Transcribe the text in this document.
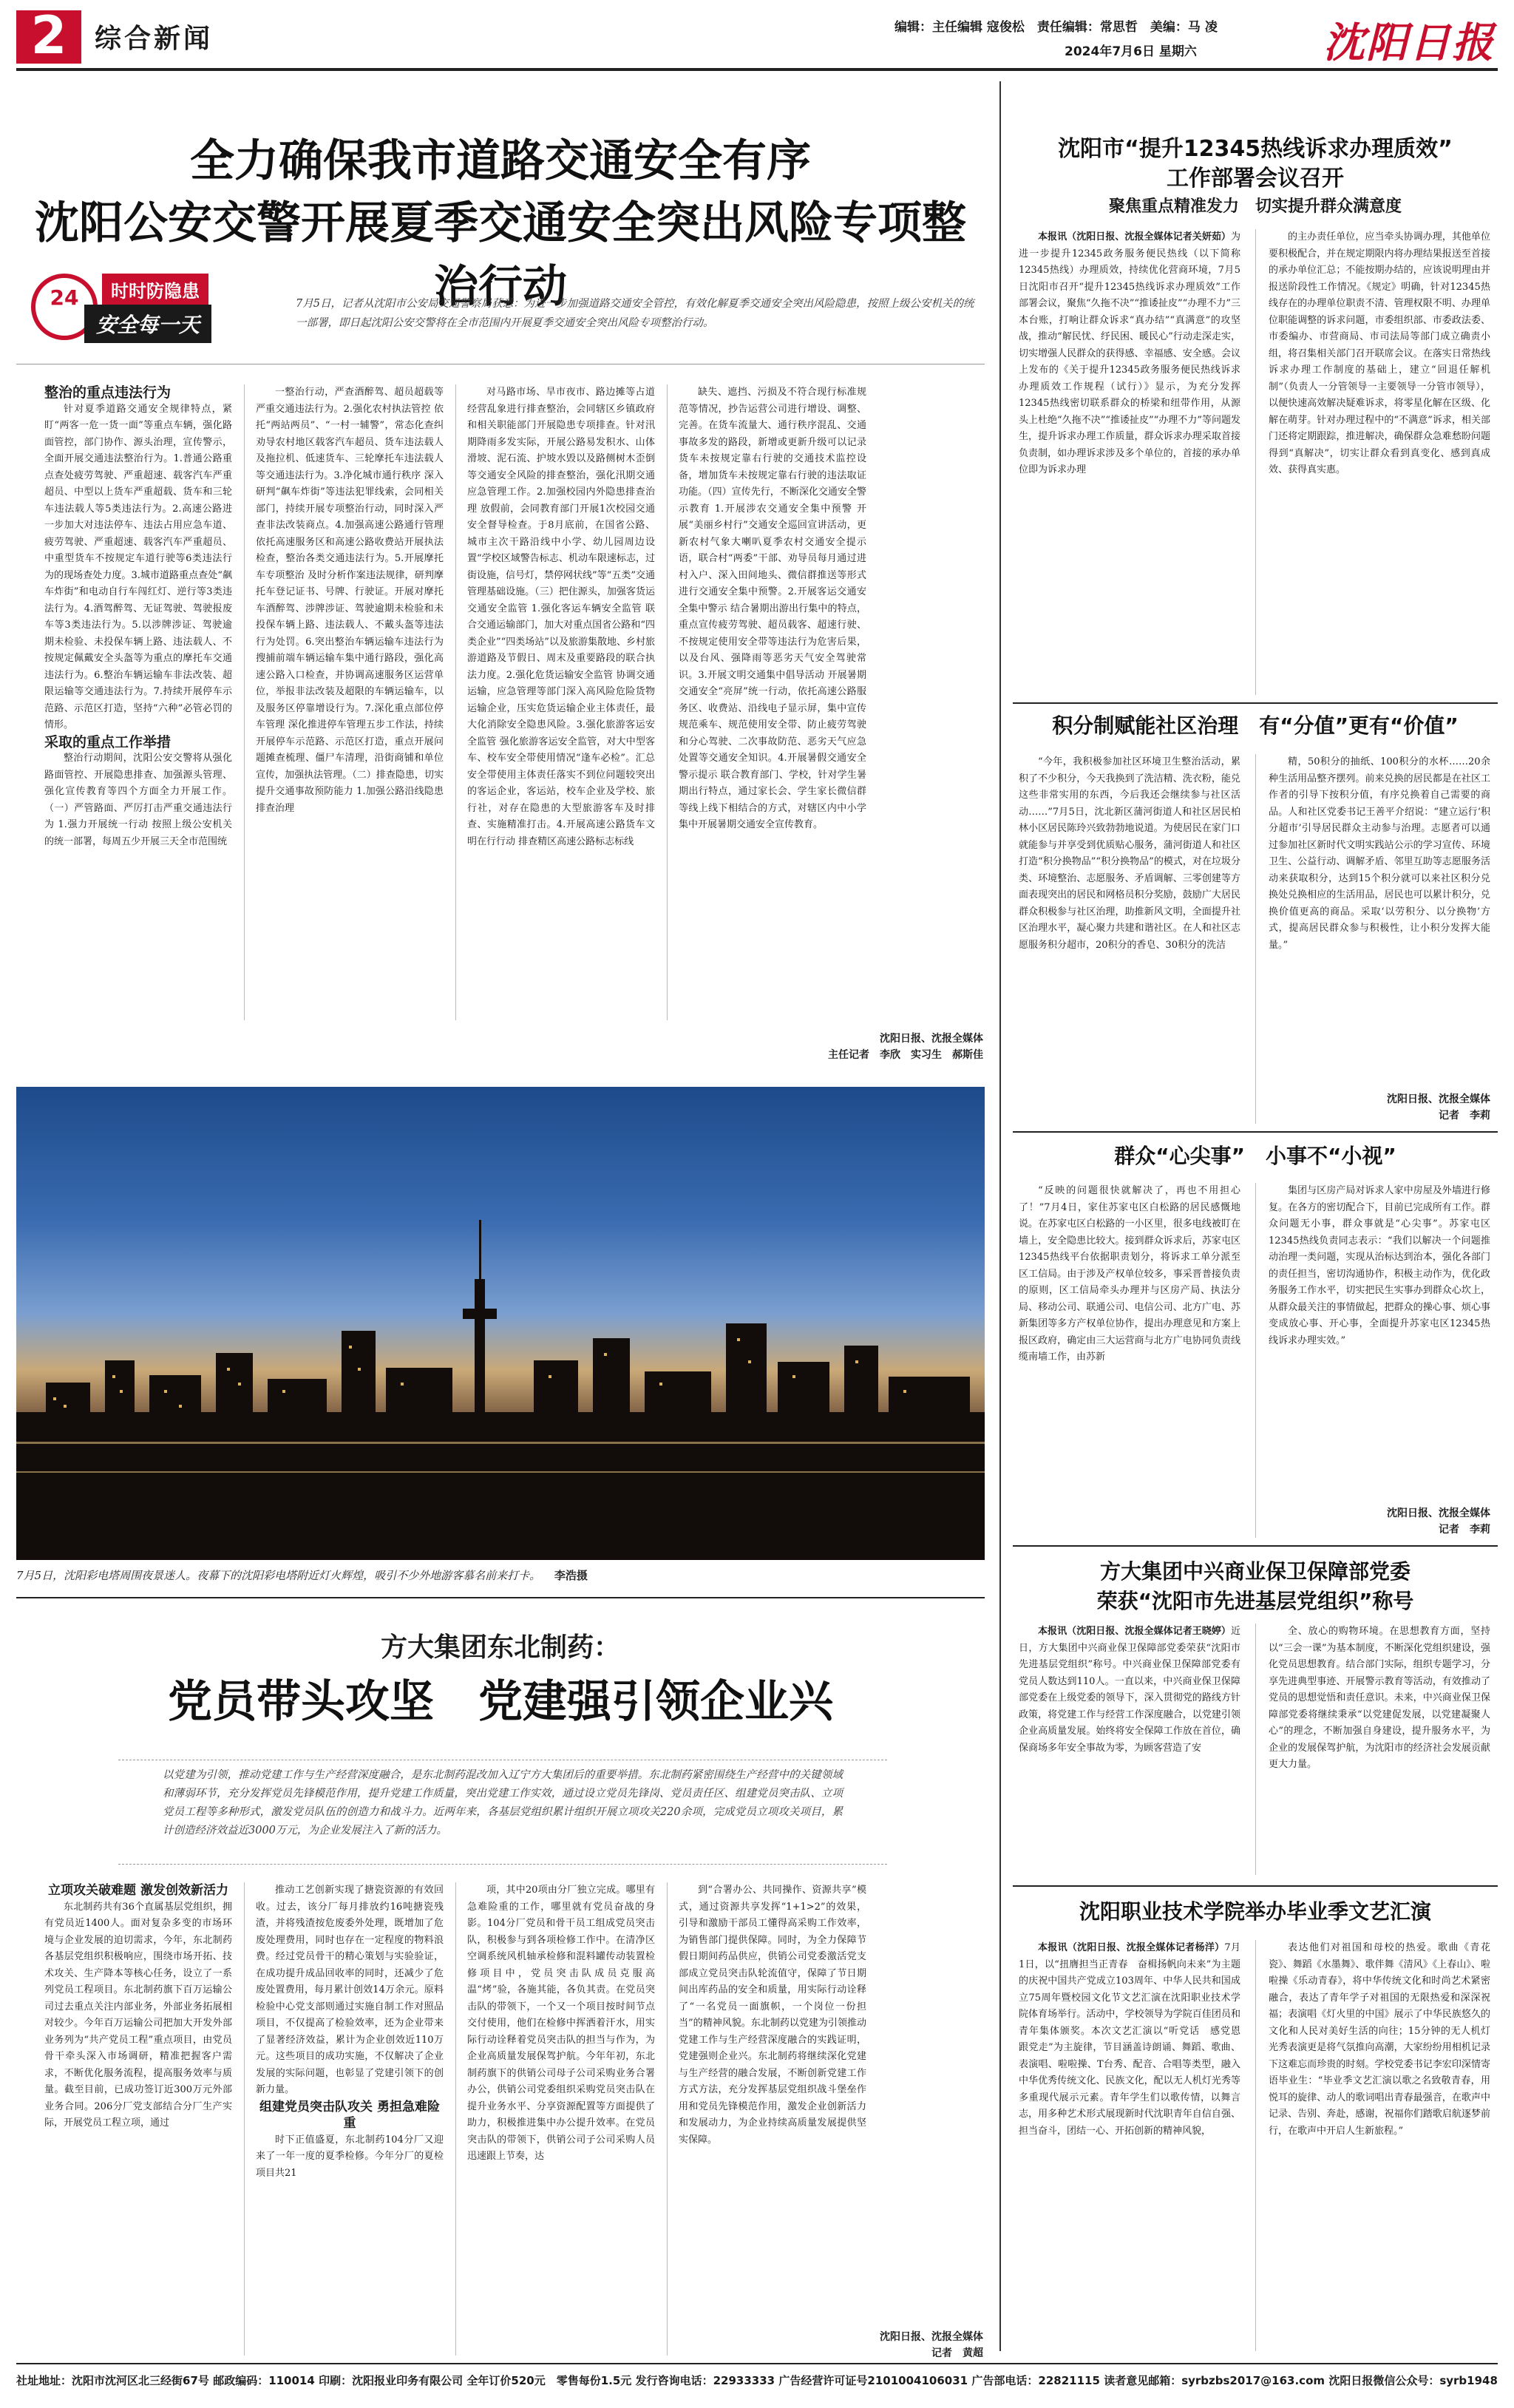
2	综合新闻	编辑：主任编辑 寇俊松　责任编辑：常思哲　美编：马 凌
2024年7月6日 星期六	沈阳日报
全力确保我市道路交通安全有序
沈阳公安交警开展夏季交通安全突出风险专项整治行动
24	时时防隐患
安全每一天
7月5日，记者从沈阳市公安局交通警察局获悉：为进一步加强道路交通安全管控，有效化解夏季交通安全突出风险隐患，按照上级公安机关的统一部署，即日起沈阳公安交警将在全市范围内开展夏季交通安全突出风险专项整治行动。

整治的重点违法行为

针对夏季道路交通安全规律特点，紧盯“两客一危一货一面”等重点车辆，强化路面管控，部门协作、源头治理，宣传警示，全面开展交通违法整治行为。1.普通公路重点查处疲劳驾驶、严重超速、载客汽车严重超员、中型以上货车严重超载、货车和三轮车违法载人等5类违法行为。2.高速公路进一步加大对违法停车、违法占用应急车道、疲劳驾驶、严重超速、载客汽车严重超员、中重型货车不按规定车道行驶等6类违法行为的现场查处力度。3.城市道路重点查处“飙车炸街”和电动自行车闯红灯、逆行等3类违法行为。4.酒驾醉驾、无证驾驶、驾驶报废车等3类违法行为。5.以涉牌涉证、驾驶逾期未检验、未投保车辆上路、违法载人、不按规定佩戴安全头盔等为重点的摩托车交通违法行为。6.整治车辆运输车非法改装、超限运输等交通违法行为。7.持续开展停车示范路、示范区打造，坚持“六种”必管必罚的情形。

采取的重点工作举措

整治行动期间，沈阳公安交警将从强化路面管控、开展隐患排查、加强源头管理、强化宣传教育等四个方面全力开展工作。（一）严管路面、严厉打击严重交通违法行为 1.强力开展统一行动 按照上级公安机关的统一部署，每周五少开展三天全市范围统

一整治行动，严查酒醉驾、超员超载等严重交通违法行为。2.强化农村执法管控 依托“两站两员”、“一村一辅警”，常态化查纠劝导农村地区载客汽车超员、货车违法载人及拖拉机、低速货车、三轮摩托车违法载人等交通违法行为。3.净化城市通行秩序 深入研判“飙车炸街”等违法犯罪线索，会同相关部门，持续开展专项整治行动，同时深入严查非法改装商点。4.加强高速公路通行管理 依托高速服务区和高速公路收费站开展执法检查，整治各类交通违法行为。5.开展摩托车专项整治 及时分析作案违法规律，研判摩托车登记证书、号牌、行驶证。开展对摩托车酒醉驾、涉牌涉证、驾驶逾期未检验和未投保车辆上路、违法载人、不戴头盔等违法行为处罚。6.突出整治车辆运输车违法行为 搜捕前端车辆运输车集中通行路段，强化高速公路入口检查，并协调高速服务区运营单位，举报非法改装及超限的车辆运输车，以及服务区停靠增设行为。7.深化重点部位停车管理 深化推进停车管理五步工作法，持续开展停车示范路、示范区打造，重点开展问题摊查梳理、僵尸车清理，沿街商铺和单位宣传，加强执法管理。（二）排查隐患，切实提升交通事故预防能力 1.加强公路沿线隐患排查治理

对马路市场、旱市夜市、路边摊等占道经营乱象进行排查整治，会同辖区乡镇政府和相关职能部门开展隐患专项排查。针对汛期降雨多发实际，开展公路易发积水、山体滑坡、泥石流、护坡水毁以及路侧树木歪倒等交通安全风险的排查整治，强化汛期交通应急管理工作。2.加强校园内外隐患排查治理 放假前，会同教育部门开展1次校园交通安全督导检查。于8月底前，在国省公路、城市主次干路沿线中小学、幼儿园周边设置“学校区域警告标志、机动车限速标志，过街设施，信号灯，禁停网状线”等“五类”交通管理基础设施。（三）把住源头，加强客货运交通安全监管 1.强化客运车辆安全监管 联合交通运输部门，加大对重点国省公路和“四类企业”“四类场站”以及旅游集散地、乡村旅游道路及节假日、周末及重要路段的联合执法力度。2.强化危货运输安全监管 协调交通运输，应急管理等部门深入高风险危险货物运输企业，压实危货运输企业主体责任，最大化消除安全隐患风险。3.强化旅游客运安全监管 强化旅游客运安全监管，对大中型客车、校车安全带使用情况“逢车必检”。汇总安全带使用主体责任落实不到位问题较突出的客运企业，客运站，校车企业及学校、旅行社，对存在隐患的大型旅游客车及时排查、实施精准打击。4.开展高速公路货车文明在行行动 排查精区高速公路标志标线

缺失、遮挡、污损及不符合现行标准规范等情况，抄告运营公司进行增设、调整、完善。在货车流量大、通行秩序混乱、交通事故多发的路段，新增或更新升级可以记录货车未按规定靠右行驶的交通技术监控设备，增加货车未按规定靠右行驶的违法取证功能。（四）宣传先行，不断深化交通安全警示教育 1.开展涉农交通安全集中预警 开展“美丽乡村行”交通安全巡回宣讲活动，更新农村气象大喇叭夏季农村交通安全提示语，联合村“两委”干部、劝导员每月通过进村入户、深入田间地头、微信群推送等形式进行交通安全集中预警。2.开展客运交通安全集中警示 结合暑期出游出行集中的特点，重点宣传疲劳驾驶、超员载客、超速行驶、不按规定使用安全带等违法行为危害后果，以及台风、强降雨等恶劣天气安全驾驶常识。3.开展文明交通集中倡导活动 开展暑期交通安全“亮屏”统一行动，依托高速公路服务区、收费站、沿线电子显示屏，集中宣传规范乘车、规范使用安全带、防止疲劳驾驶和分心驾驶、二次事故防范、恶劣天气应急处置等交通安全知识。4.开展暑假交通安全警示提示 联合教育部门、学校，针对学生暑期出行特点，通过家长会、学生家长微信群等线上线下相结合的方式，对辖区内中小学集中开展暑期交通安全宣传教育。

沈阳日报、沈报全媒体
主任记者　李欣　实习生　郝斯佳
7月5日，沈阳彩电塔周围夜景迷人。夜幕下的沈阳彩电塔附近灯火辉煌，吸引不少外地游客慕名前来打卡。 李浩摄
方大集团东北制药：
党员带头攻坚　党建强引领企业兴
以党建为引领，推动党建工作与生产经营深度融合，是东北制药混改加入辽宁方大集团后的重要举措。东北制药紧密围绕生产经营中的关键领域和薄弱环节，充分发挥党员先锋模范作用，提升党建工作质量，突出党建工作实效，通过设立党员先锋岗、党员责任区、组建党员突击队、立项党员工程等多种形式，激发党员队伍的创造力和战斗力。近两年来，各基层党组织累计组织开展立项攻关220余项，完成党员立项攻关项目，累计创造经济效益近3000万元，为企业发展注入了新的活力。

立项攻关破难题 激发创效新活力

东北制药共有36个直属基层党组织，拥有党员近1400人。面对复杂多变的市场环境与企业发展的迫切需求，今年，东北制药各基层党组织积极响应，围绕市场开拓、技术攻关、生产降本等核心任务，设立了一系列党员工程项目。东北制药旗下百万运输公司过去重点关注内部业务，外部业务拓展相对较少。今年百万运输公司把加大开发外部业务列为“共产党员工程”重点项目，由党员骨干牵头深入市场调研，精准把握客户需求，不断优化服务流程，提高服务效率与质量。截至目前，已成功签订近300万元外部业务合同。206分厂党支部结合分厂生产实际，开展党员工程立项，通过

推动工艺创新实现了搪瓷资源的有效回收。过去，该分厂每月排放约16吨搪瓷残渣，并将残渣按危废委外处理，既增加了危废处理费用，同时也存在一定程度的物料浪费。经过党员骨干的精心策划与实验验证，在成功提升成品回收率的同时，还减少了危废处置费用，每月累计创效14万余元。原料检验中心党支部则通过实施自制工作对照品项目，不仅提高了检验效率，还为企业带来了显著经济效益，累计为企业创效近110万元。这些项目的成功实施，不仅解决了企业发展的实际问题，也彰显了党建引领下的创新力量。

组建党员突击队攻关 勇担急难险重

时下正值盛夏，东北制药104分厂又迎来了一年一度的夏季检修。今年分厂的夏检项目共21

项，其中20项由分厂独立完成。哪里有急难险重的工作，哪里就有党员奋战的身影。104分厂党员和骨干员工组成党员突击队，积极参与到各项检修工作中。在清净区空调系统风机轴承检修和混料罐传动装置检修项目中，党员突击队成员克服高温“烤”验，各施其能，各负其责。在党员突击队的带领下，一个又一个项目按时间节点交付使用，他们在检修中挥洒着汗水，用实际行动诠释着党员突击队的担当与作为，为企业高质量发展保驾护航。今年年初，东北制药旗下的供销公司母子公司采购业务合署办公，供销公司党委组织采购党员突击队在提升业务水平、分享资源配置等方面提供了助力，积极推进集中办公提升效率。在党员突击队的带领下，供销公司子公司采购人员迅速跟上节奏，达

到“合署办公、共同操作、资源共享”模式，通过资源共享发挥“1+1>2”的效果，引导和激励干部员工懂得高采购工作效率，为销售部门提供保障。同时，为全力保障节假日期间药品供应，供销公司党委激活党支部成立党员突击队轮流值守，保障了节日期间出库药品的安全和质量，用实际行动诠释了“一名党员一面旗帜，一个岗位一份担当”的精神风貌。东北制药以党建为引领推动党建工作与生产经营深度融合的实践证明，党建强则企业兴。东北制药将继续深化党建与生产经营的融合发展，不断创新党建工作方式方法，充分发挥基层党组织战斗堡垒作用和党员先锋模范作用，激发企业创新活力和发展动力，为企业持续高质量发展提供坚实保障。

沈阳日报、沈报全媒体
记者　黄超
沈阳市“提升12345热线诉求办理质效”
工作部署会议召开
聚焦重点精准发力　切实提升群众满意度

本报讯（沈阳日报、沈报全媒体记者关妍茹）为进一步提升12345政务服务便民热线（以下简称12345热线）办理质效，持续优化营商环境，7月5日沈阳市召开“提升12345热线诉求办理质效”工作部署会议，聚焦“久拖不决”“推诿扯皮”“办理不力”三本台账，打响让群众诉求“真办结”“真满意”的攻坚战，推动“解民忧、纾民困、暖民心”行动走深走实，切实增强人民群众的获得感、幸福感、安全感。会议上发布的《关于提升12345政务服务便民热线诉求办理质效工作规程（试行）》显示，为充分发挥12345热线密切联系群众的桥梁和纽带作用，从源头上杜绝“久拖不决”“推诿扯皮”“办理不力”等问题发生，提升诉求办理工作质量，群众诉求办理采取首接负责制，如办理诉求涉及多个单位的，首接的承办单位即为诉求办理

的主办责任单位，应当牵头协调办理，其他单位要积极配合，并在规定期限内将办理结果报送至首接的承办单位汇总；不能按期办结的，应该说明理由并报送阶段性工作情况。《规定》明确，针对12345热线存在的办理单位职责不清、管理权限不明、办理单位职能调整的诉求问题，市委组织部、市委政法委、市委编办、市营商局、市司法局等部门成立确责小组，将召集相关部门召开联席会议。在落实日常热线诉求办理工作制度的基础上，建立“回退任解机制”（负责人一分管领导一主要领导一分管市领导），以便快速高效解决疑难诉求，将零星化解在区级、化解在萌芽。针对办理过程中的“不满意”诉求，相关部门还将定期跟踪，推进解决，确保群众急难愁盼问题得到“真解决”，切实让群众看到真变化、感到真成效、获得真实惠。

积分制赋能社区治理　有“分值”更有“价值”

“今年，我积极参加社区环境卫生整治活动，累积了不少积分，今天我换到了洗洁精、洗衣粉，能兑这些非常实用的东西，今后我还会继续参与社区活动……”7月5日，沈北新区蒲河街道人和社区居民柏林小区居民陈玲兴致勃勃地说道。为使居民在家门口就能参与并享受到优质贴心服务，蒲河街道人和社区打造“积分换物品”“积分换物品”的模式，对在垃圾分类、环境整治、志愿服务、矛盾调解、三零创建等方面表现突出的居民和网格员积分奖励，鼓励广大居民群众积极参与社区治理，助推新风文明，全面提升社区治理水平，凝心聚力共建和谐社区。在人和社区志愿服务积分超市，20积分的香皂、30积分的洗洁

精，50积分的抽纸、100积分的水杯……20余种生活用品整齐摆列。前来兑换的居民都是在社区工作者的引导下按积分值，有序兑换着自己需要的商品。人和社区党委书记王善平介绍说：“建立运行‘积分超市’引导居民群众主动参与治理。志愿者可以通过参加社区新时代文明实践站公示的学习宣传、环境卫生、公益行动、调解矛盾、邻里互助等志愿服务活动来获取积分，达到15个积分就可以来社区积分兑换处兑换相应的生活用品，居民也可以累计积分，兑换价值更高的商品。采取‘以劳积分、以分换物’方式，提高居民群众参与积极性，让小积分发挥大能量。”

沈阳日报、沈报全媒体
记者　李莉
群众“心尖事”　小事不“小视”

“反映的问题很快就解决了，再也不用担心了！”7月4日，家住苏家屯区白松路的居民感慨地说。在苏家屯区白松路的一小区里，很多电线被盯在墙上，安全隐患比较大。接到群众诉求后，苏家屯区12345热线平台依据职责划分，将诉求工单分派至区工信局。由于涉及产权单位较多，事采晋普接负责的原则，区工信局牵头办理并与区房产局、执法分局、移动公司、联通公司、电信公司、北方广电、苏新集团等多方产权单位协作，提出办理意见和方案上报区政府，确定由三大运营商与北方广电协同负责线缆南墙工作，由苏新

集团与区房产局对诉求人家中房屋及外墙进行修复。在各方的密切配合下，目前已完成所有工作。群众问题无小事，群众事就是“心尖事”。苏家屯区12345热线负责同志表示：“我们以解决一个问题推动治理一类问题，实现从治标达到治本，强化各部门的责任担当，密切沟通协作，积极主动作为，优化政务服务工作水平，切实把民生实事办到群众心坎上，从群众最关注的事情做起，把群众的操心事、烦心事变成放心事、开心事，全面提升苏家屯区12345热线诉求办理实效。”

沈阳日报、沈报全媒体
记者　李莉
方大集团中兴商业保卫保障部党委
荣获“沈阳市先进基层党组织”称号

本报讯（沈阳日报、沈报全媒体记者王晓婷）近日，方大集团中兴商业保卫保障部党委荣获“沈阳市先进基层党组织”称号。中兴商业保卫保障部党委有党员人数达到110人。一直以来，中兴商业保卫保障部党委在上级党委的领导下，深入贯彻党的路线方针政策，将党建工作与经营工作深度融合，以党建引领企业高质量发展。始终将安全保障工作放在首位，确保商场多年安全事故为零，为顾客营造了安

全、放心的购物环境。在思想教育方面，坚持以“三会一课”为基本制度，不断深化党组织建设，强化党员思想教育。结合部门实际，组织专题学习，分享先进典型事迹、开展警示教育等活动，有效推动了党员的思想觉悟和责任意识。未来，中兴商业保卫保障部党委将继续秉承“以党建促发展，以党建凝聚人心”的理念，不断加强自身建设，提升服务水平，为企业的发展保驾护航，为沈阳市的经济社会发展贡献更大力量。

沈阳职业技术学院举办毕业季文艺汇演

本报讯（沈阳日报、沈报全媒体记者杨洋）7月1日，以“扭膺担当正青春　奋楫扬帆向未来”为主题的庆祝中国共产党成立103周年、中华人民共和国成立75周年暨校园文化节文艺汇演在沈阳职业技术学院体育场举行。活动中，学校领导为学院百佳团员和青年集体颁奖。本次文艺汇演以“听党话　感党恩　跟党走”为主旋律，节目涵盖诗朗诵、舞蹈、歌曲、表演唱、啦啦操、T台秀、配音、合唱等类型，融入中华优秀传统文化、民族文化，配以无人机灯光秀等多重现代展示元素。青年学生们以歌传情，以舞言志，用多种艺术形式展现新时代沈职青年自信自强、担当奋斗，团结一心、开拓创新的精神风貌，

表达他们对祖国和母校的热爱。歌曲《青花瓷》、舞蹈《水墨舞》、歌伴舞《清风》《上春山》、啦啦操《乐动青春》，将中华传统文化和时尚艺术紧密融合，表达了青年学子对祖国的无限热爱和深深祝福；表演唱《灯火里的中国》展示了中华民族悠久的文化和人民对美好生活的向往；15分钟的无人机灯光秀表演更是将气氛推向高潮，大家纷纷用相机记录下这难忘而珍贵的时刻。学校党委书记李宏印深情寄语毕业生：“毕业季文艺汇演以歌之名致敬青春，用悦耳的旋律、动人的歌词唱出青春最强音，在歌声中记录、告别、奔赴，感谢，祝福你们踏歌启航逐梦前行，在歌声中开启人生新旅程。”

社址地址：沈阳市沈河区北三经街67号 邮政编码：110014 印刷：沈阳报业印务有限公司 全年订价520元　零售每份1.5元 发行咨询电话：22933333 广告经营许可证号2101004106031 广告部电话：22821115 读者意见邮箱：syrbzbs2017@163.com 沈阳日报微信公众号：syrb1948
